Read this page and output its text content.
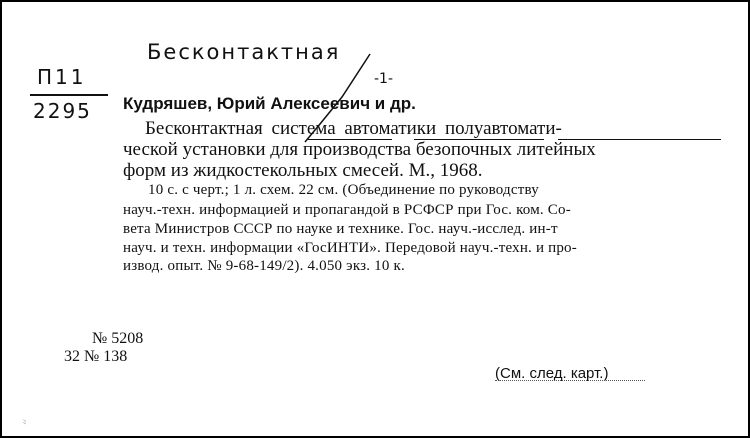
Бесконтактная
П11
2295
-1-
Кудряшев, Юрий Алексеевич и др.
Бесконтактная система автоматики полуавтомати-
ческой установки для производства безопочных литейных
форм из жидкостекольных смесей. М., 1968.
10 с. с черт.; 1 л. схем. 22 см. (Объединение по руководству
науч.-техн. информацией и пропагандой в РСФСР при Гос. ком. Со-
вета Министров СССР по науке и технике. Гос. науч.-исслед. ин-т
науч. и техн. информации «ГосИНТИ». Передовой науч.-техн. и про-
извод. опыт. № 9-68-149/2). 4.050 экз. 10 к.
№ 5208
32 № 138
(См. след. карт.)
〟
